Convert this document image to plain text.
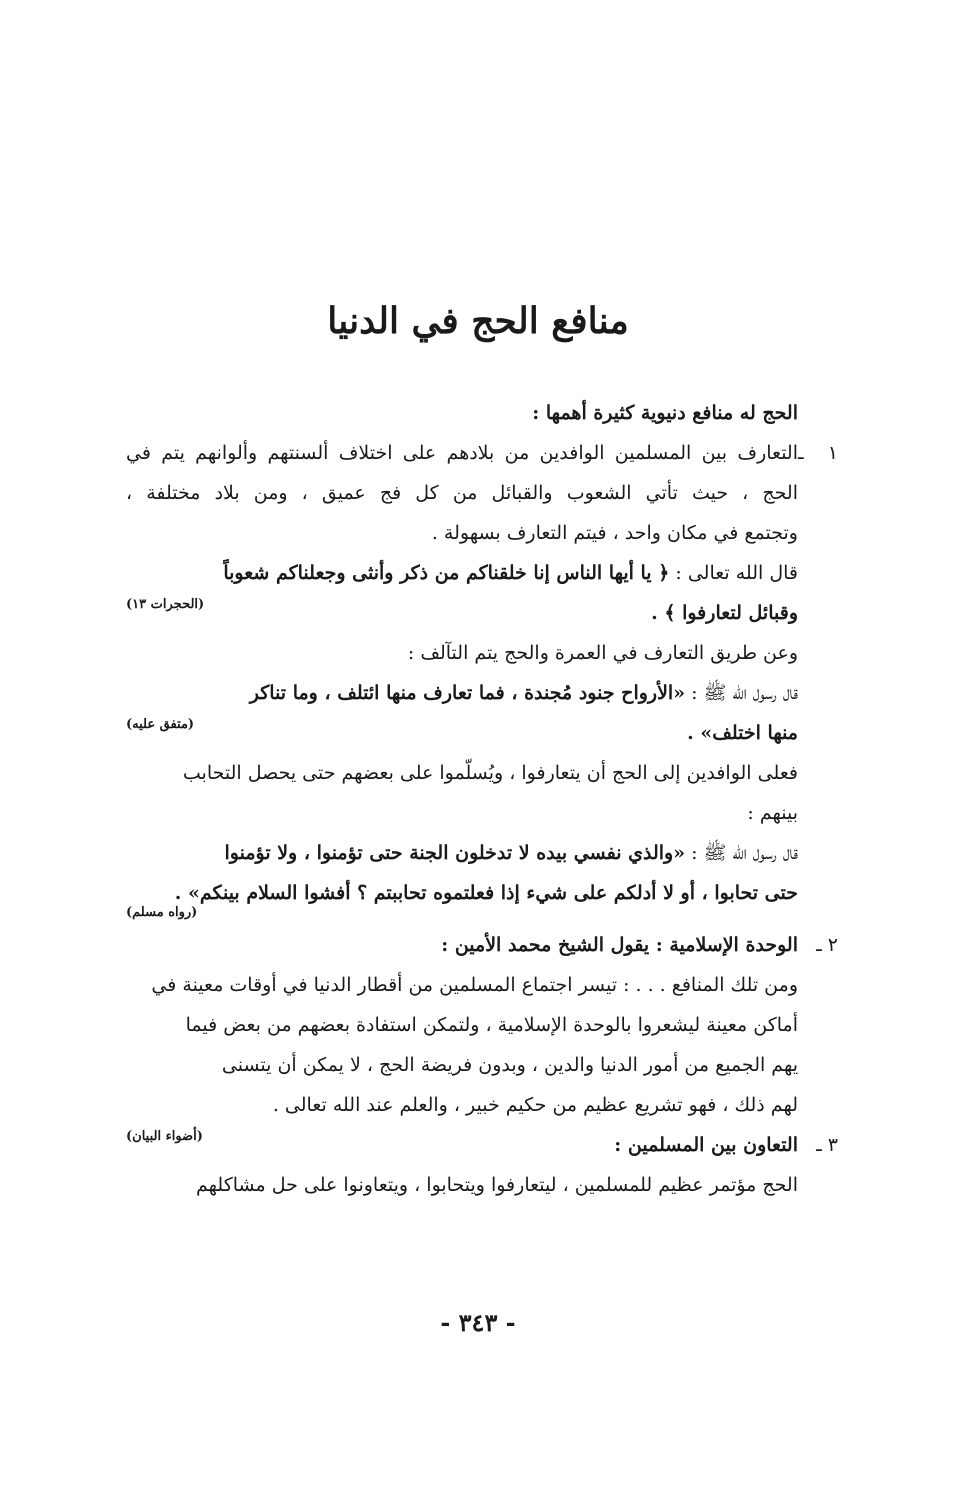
منافع الحج في الدنيا
الحج له منافع دنيوية كثيرة أهمها :
١ ـالتعارف بين المسلمين الوافدين من بلادهم على اختلاف ألسنتهم وألوانهم يتم في
الحج ، حيث تأتي الشعوب والقبائل من كل فج عميق ، ومن بلاد مختلفة ،
وتجتمع في مكان واحد ، فيتم التعارف بسهولة .
قال الله تعالى : ﴿ يا أيها الناس إنا خلقناكم من ذكر وأنثى وجعلناكم شعوباً
وقبائل لتعارفوا ﴾ .
(الحجرات ١٣)
وعن طريق التعارف في العمرة والحج يتم التآلف :
قال رسول الله ﷺ : «الأرواح جنود مُجندة ، فما تعارف منها ائتلف ، وما تناكر
منها اختلف» .
(متفق عليه)
فعلى الوافدين إلى الحج أن يتعارفوا ، ويُسلّموا على بعضهم حتى يحصل التحابب
بينهم :
قال رسول الله ﷺ : «والذي نفسي بيده لا تدخلون الجنة حتى تؤمنوا ، ولا تؤمنوا
حتى تحابوا ، أو لا أدلكم على شيء إذا فعلتموه تحاببتم ؟ أفشوا السلام بينكم» .
(رواه مسلم)
٢ ـالوحدة الإسلامية : يقول الشيخ محمد الأمين :
ومن تلك المنافع . . . : تيسر اجتماع المسلمين من أقطار الدنيا في أوقات معينة في
أماكن معينة ليشعروا بالوحدة الإسلامية ، ولتمكن استفادة بعضهم من بعض فيما
يهم الجميع من أمور الدنيا والدين ، وبدون فريضة الحج ، لا يمكن أن يتسنى
لهم ذلك ، فهو تشريع عظيم من حكيم خبير ، والعلم عند الله تعالى .
٣ ـالتعاون بين المسلمين :
(أضواء البيان)
الحج مؤتمر عظيم للمسلمين ، ليتعارفوا ويتحابوا ، ويتعاونوا على حل مشاكلهم
- ٣٤٣ -
